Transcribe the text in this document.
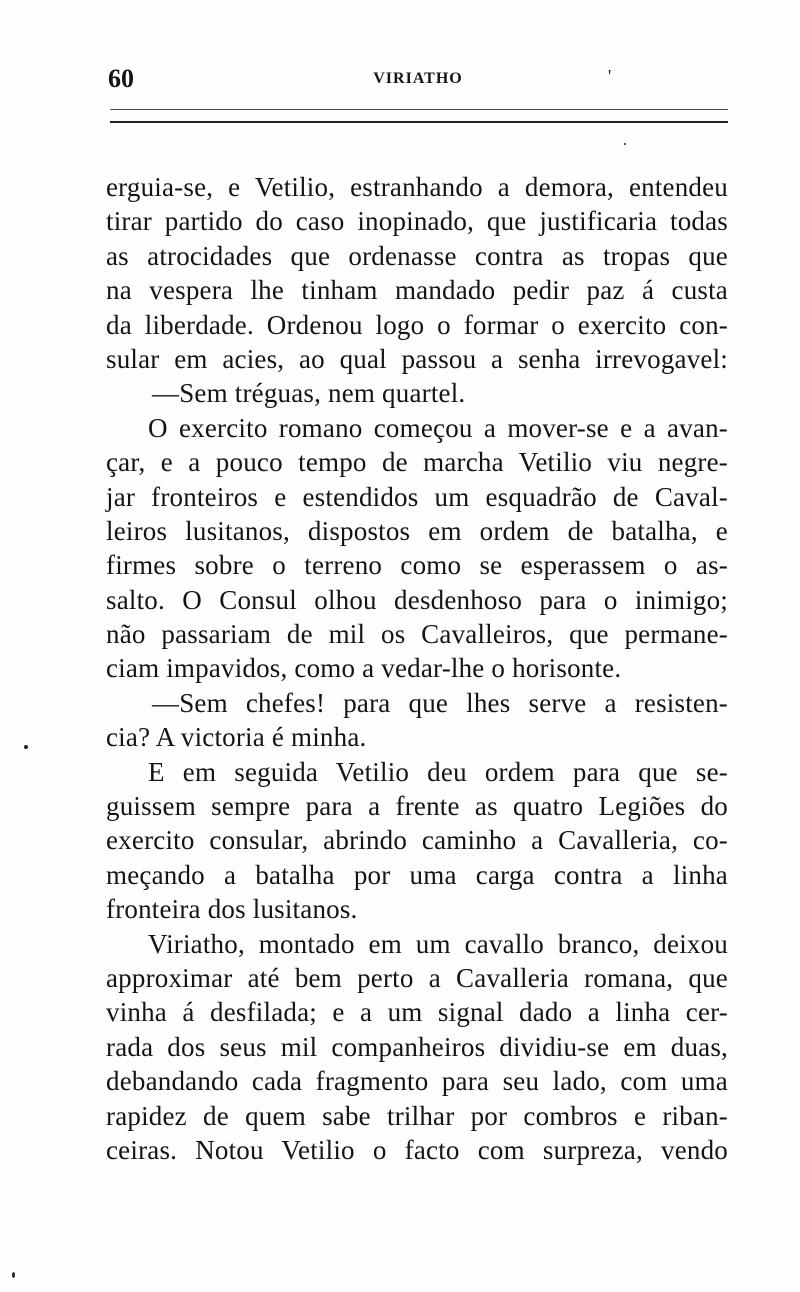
60	VIRIATHO	'
erguia-se, e Vetilio, estranhando a demora, entendeu
tirar partido do caso inopinado, que justificaria todas
as atrocidades que ordenasse contra as tropas que
na vespera lhe tinham mandado pedir paz á custa
da liberdade. Ordenou logo o formar o exercito con-
sular em acies, ao qual passou a senha irrevogavel:
—Sem tréguas, nem quartel.
O exercito romano começou a mover-se e a avan-
çar, e a pouco tempo de marcha Vetilio viu negre-
jar fronteiros e estendidos um esquadrão de Caval-
leiros lusitanos, dispostos em ordem de batalha, e
firmes sobre o terreno como se esperassem o as-
salto. O Consul olhou desdenhoso para o inimigo;
não passariam de mil os Cavalleiros, que permane-
ciam impavidos, como a vedar-lhe o horisonte.
—Sem chefes! para que lhes serve a resisten-
cia? A victoria é minha.
E em seguida Vetilio deu ordem para que se-
guissem sempre para a frente as quatro Legiões do
exercito consular, abrindo caminho a Cavalleria, co-
meçando a batalha por uma carga contra a linha
fronteira dos lusitanos.
Viriatho, montado em um cavallo branco, deixou
approximar até bem perto a Cavalleria romana, que
vinha á desfilada; e a um signal dado a linha cer-
rada dos seus mil companheiros dividiu-se em duas,
debandando cada fragmento para seu lado, com uma
rapidez de quem sabe trilhar por combros e riban-
ceiras. Notou Vetilio o facto com surpreza, vendo
